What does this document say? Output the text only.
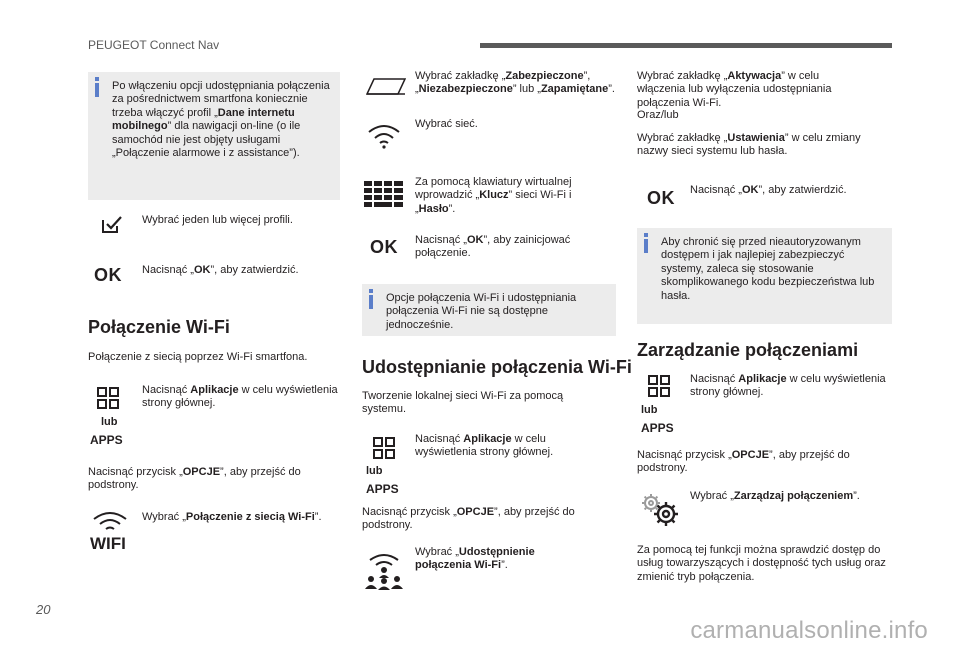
PEUGEOT Connect Nav
Po włączeniu opcji udostępniania połączenia za pośrednictwem smartfona koniecznie trzeba włączyć profil „Dane internetu mobilnego” dla nawigacji on-line (o ile samochód nie jest objęty usługami „Połączenie alarmowe i z assistance”).
Wybrać jeden lub więcej profili.
OK Nacisnąć „OK”, aby zatwierdzić.
Połączenie Wi-Fi
Połączenie z siecią poprzez Wi-Fi smartfona.
lub
APPS
Nacisnąć Aplikacje w celu wyświetlenia strony głównej.
Nacisnąć przycisk „OPCJE”, aby przejść do podstrony.
WIFI
Wybrać „Połączenie z siecią Wi-Fi”.
Wybrać zakładkę „Zabezpieczone”, „Niezabezpieczone” lub „Zapamiętane”.
Wybrać sieć.
Za pomocą klawiatury wirtualnej wprowadzić „Klucz” sieci Wi-Fi i „Hasło”.
OK Nacisnąć „OK”, aby zainicjować połączenie.
Opcje połączenia Wi-Fi i udostępniania połączenia Wi-Fi nie są dostępne jednocześnie.
Udostępnianie połączenia Wi-Fi
Tworzenie lokalnej sieci Wi-Fi za pomocą systemu.
lub
APPS
Nacisnąć Aplikacje w celu wyświetlenia strony głównej.
Nacisnąć przycisk „OPCJE”, aby przejść do podstrony.
Wybrać „Udostępnienie połączenia Wi-Fi”.
Wybrać zakładkę „Aktywacja” w celu włączenia lub wyłączenia udostępniania połączenia Wi-Fi.
Oraz/lub
Wybrać zakładkę „Ustawienia” w celu zmiany nazwy sieci systemu lub hasła.
OK Nacisnąć „OK”, aby zatwierdzić.
Aby chronić się przed nieautoryzowanym dostępem i jak najlepiej zabezpieczyć systemy, zaleca się stosowanie skomplikowanego kodu bezpieczeństwa lub hasła.
Zarządzanie połączeniami
lub
APPS
Nacisnąć Aplikacje w celu wyświetlenia strony głównej.
Nacisnąć przycisk „OPCJE”, aby przejść do podstrony.
Wybrać „Zarządzaj połączeniem”.
Za pomocą tej funkcji można sprawdzić dostęp do usług towarzyszących i dostępność tych usług oraz zmienić tryb połączenia.
20
carmanualsonline.info
